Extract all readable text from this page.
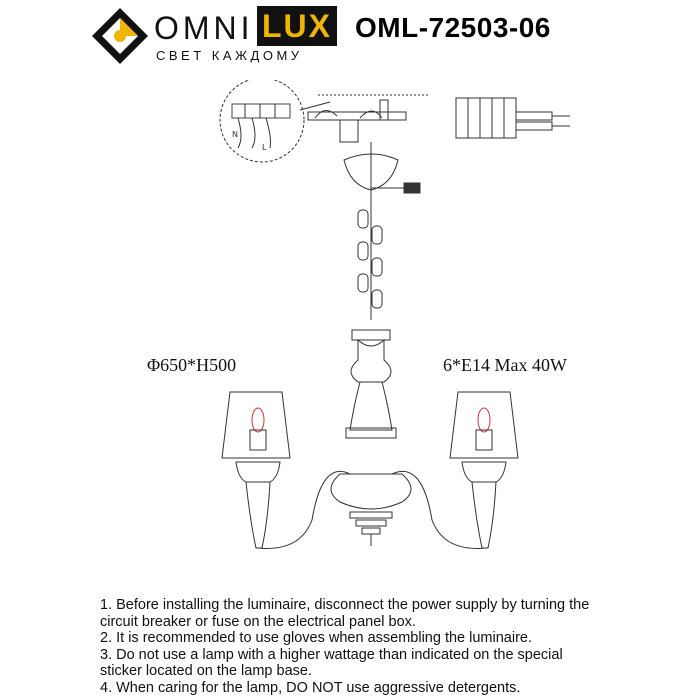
OMNI LUX
СВЕТ КАЖДОМУ
OML-72503-06
N
L
Φ650*H500	6*E14 Max 40W

1. Before installing the luminaire, disconnect the power supply by turning the circuit breaker or fuse on the electrical panel box.

2. It is recommended to use gloves when assembling the luminaire.

3. Do not use a lamp with a higher wattage than indicated on the special sticker located on the lamp base.

4. When caring for the lamp, DO NOT use aggressive detergents.
